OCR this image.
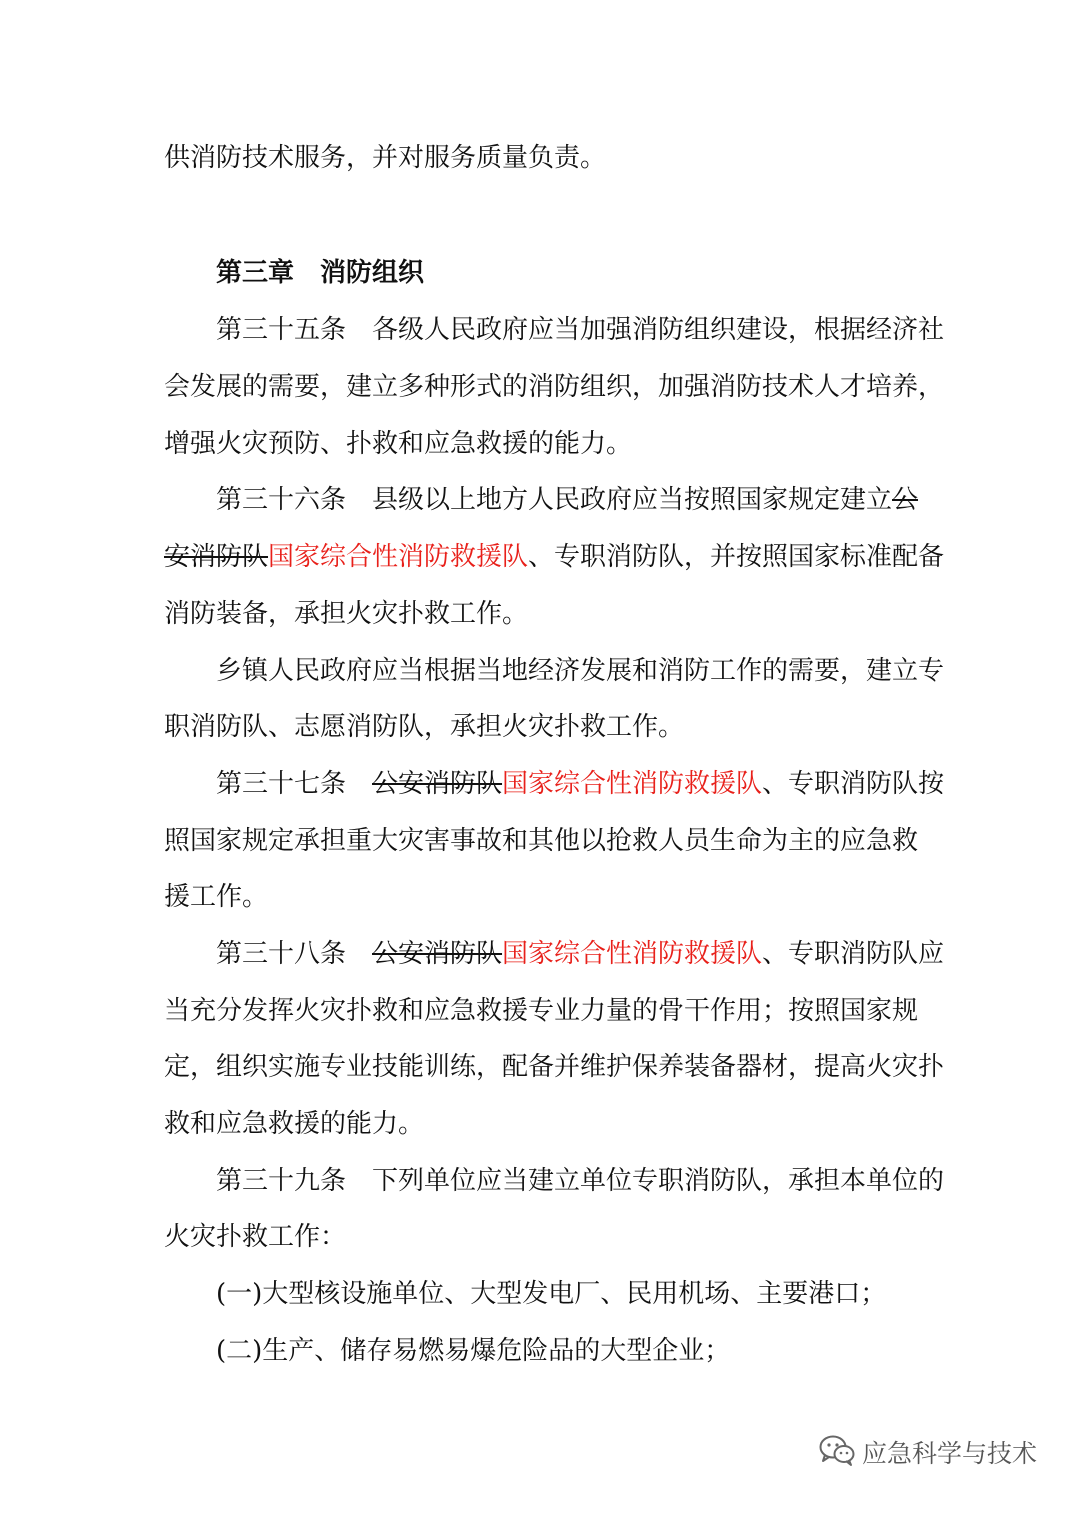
供消防技术服务，并对服务质量负责。
第三章　消防组织
第三十五条　各级人民政府应当加强消防组织建设，根据经济社
会发展的需要，建立多种形式的消防组织，加强消防技术人才培养，
增强火灾预防、扑救和应急救援的能力。
第三十六条　县级以上地方人民政府应当按照国家规定建立公
安消防队国家综合性消防救援队、专职消防队，并按照国家标准配备
消防装备，承担火灾扑救工作。
乡镇人民政府应当根据当地经济发展和消防工作的需要，建立专
职消防队、志愿消防队，承担火灾扑救工作。
第三十七条　公安消防队国家综合性消防救援队、专职消防队按
照国家规定承担重大灾害事故和其他以抢救人员生命为主的应急救
援工作。
第三十八条　公安消防队国家综合性消防救援队、专职消防队应
当充分发挥火灾扑救和应急救援专业力量的骨干作用；按照国家规
定，组织实施专业技能训练，配备并维护保养装备器材，提高火灾扑
救和应急救援的能力。
第三十九条　下列单位应当建立单位专职消防队，承担本单位的
火灾扑救工作：
(一)大型核设施单位、大型发电厂、民用机场、主要港口；
(二)生产、储存易燃易爆危险品的大型企业；
应急科学与技术
